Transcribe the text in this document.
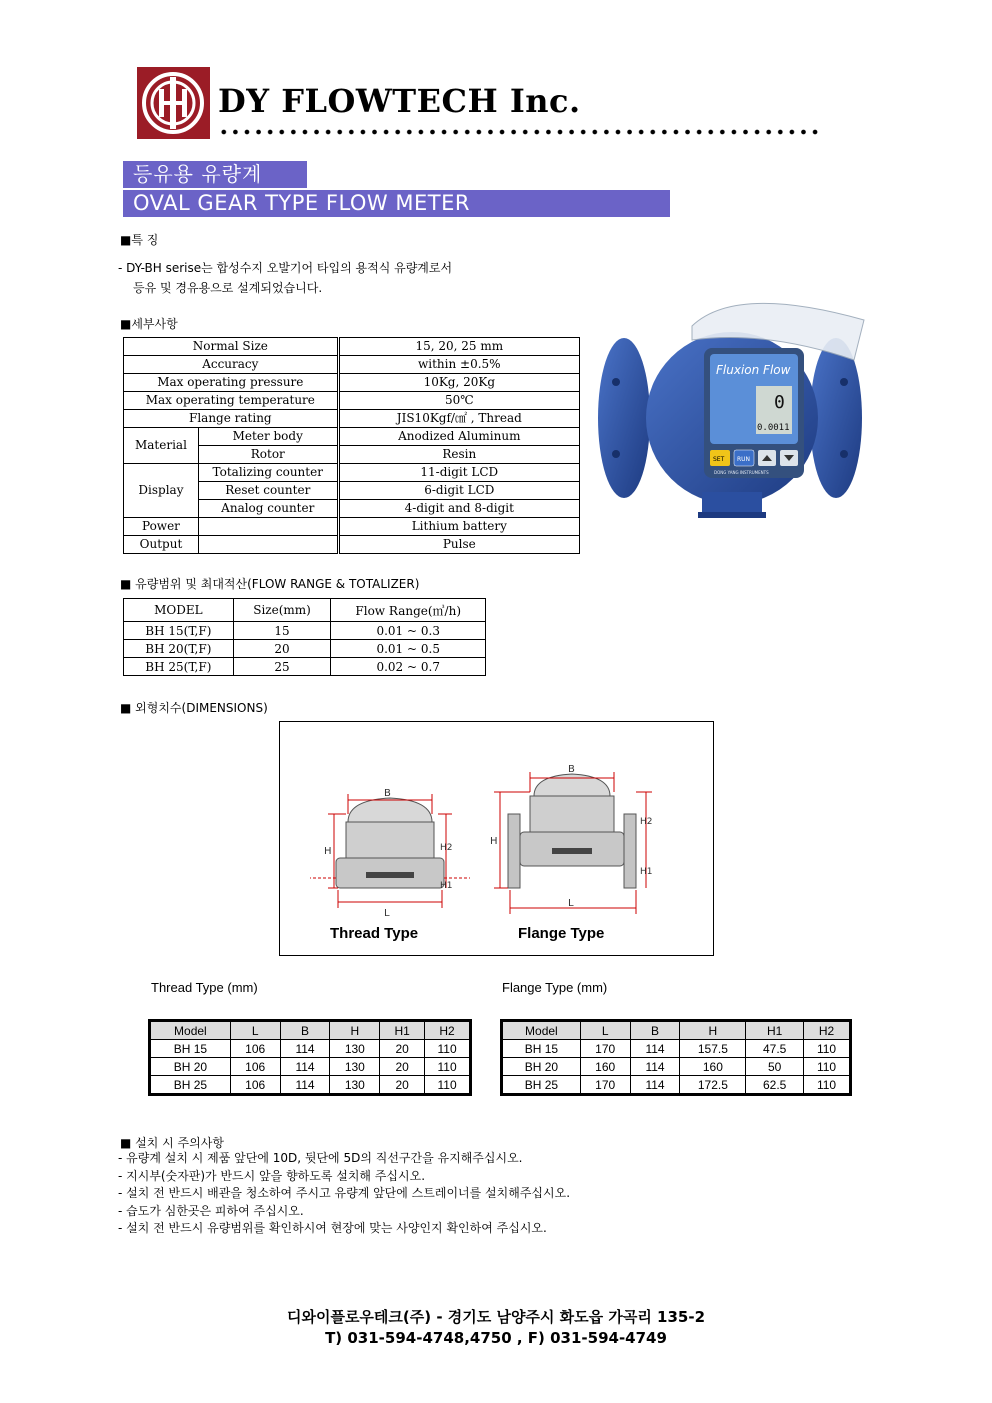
DY FLOWTECH Inc.
등유용 유량계
OVAL GEAR TYPE FLOW METER
■특 징
- DY-BH serise는 합성수지 오발기어 타입의 용적식 유량계로서
등유 및 경유용으로 설계되었습니다.
■세부사항
Normal Size		15, 20, 25 mm
Accuracy		within ±0.5%
Max operating pressure		10Kg, 20Kg
Max operating temperature		50℃
Flange rating		JIS10Kgf/㎠ , Thread
Material	Meter body	Anodized Aluminum
	Rotor	Resin
Display	Totalizing counter	11-digit LCD
	Reset counter	6-digit LCD
	Analog counter	4-digit and 8-digit
Power		Lithium battery
Output		Pulse
Fluxion Flow
0
0.0011
SET RUN
DONG YANG INSTRUMENTS
■ 유량범위 및 최대적산(FLOW RANGE & TOTALIZER)
MODEL	Size(mm)	Flow Range(㎥/h)
BH 15(T,F)	15	0.01 ~ 0.3
BH 20(T,F)	20	0.01 ~ 0.5
BH 25(T,F)	25	0.02 ~ 0.7
■ 외형치수(DIMENSIONS)
B
L
H	H2
H1
B
L
H
H2
H1
Thread Type	Flange Type
Thread Type (mm)	Flange Type (mm)
Model	L	B	H	H1	H2
BH 15	106	114	130	20	110
BH 20	106	114	130	20	110
BH 25	106	114	130	20	110
Model	L	B	H	H1	H2
BH 15	170	114	157.5	47.5	110
BH 20	160	114	160	50	110
BH 25	170	114	172.5	62.5	110
■ 설치 시 주의사항
- 유량계 설치 시 제품 앞단에 10D, 뒷단에 5D의 직선구간을 유지해주십시오.
- 지시부(숫자판)가 반드시 앞을 향하도록 설치해 주십시오.
- 설치 전 반드시 배관을 청소하여 주시고 유량계 앞단에 스트레이너를 설치해주십시오.
- 습도가 심한곳은 피하여 주십시오.
- 설치 전 반드시 유량범위를 확인하시여 현장에 맞는 사양인지 확인하여 주십시오.
디와이플로우테크(주) - 경기도 남양주시 화도읍 가곡리 135-2
T) 031-594-4748,4750 , F) 031-594-4749
